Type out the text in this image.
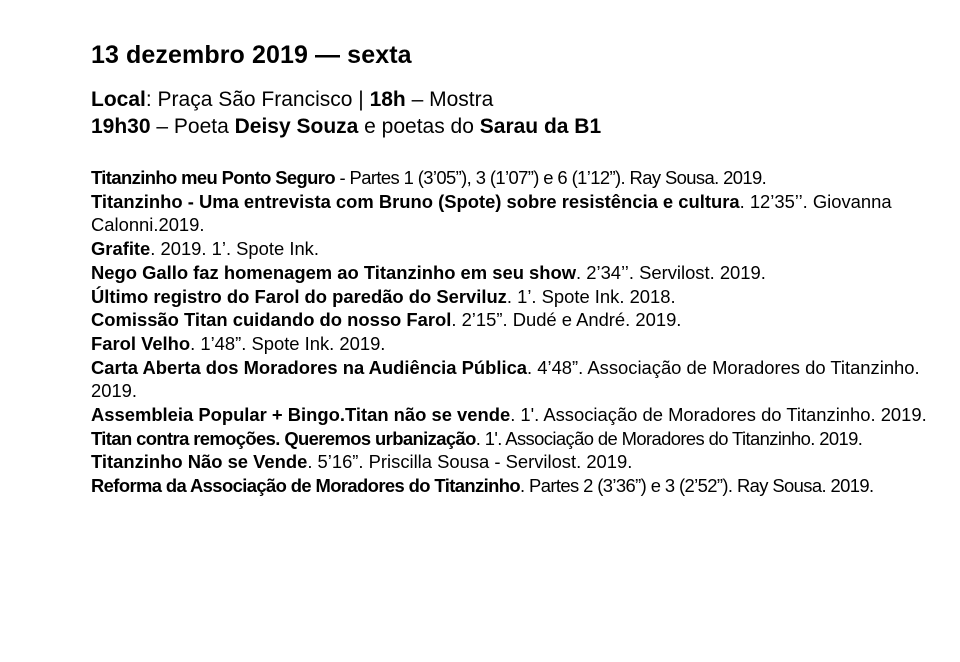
13 dezembro 2019 — sexta
Local: Praça São Francisco | 18h – Mostra
19h30 – Poeta Deisy Souza e poetas do Sarau da B1
Titanzinho meu Ponto Seguro - Partes 1 (3’05”), 3 (1’07”) e 6 (1’12”). Ray Sousa. 2019.
Titanzinho - Uma entrevista com Bruno (Spote) sobre resistência e cultura. 12’35’’. Giovanna Calonni.2019.
Grafite. 2019. 1’. Spote Ink.
Nego Gallo faz homenagem ao Titanzinho em seu show. 2’34’’. Servilost. 2019.
Último registro do Farol do paredão do Serviluz. 1’. Spote Ink. 2018.
Comissão Titan cuidando do nosso Farol. 2’15”. Dudé e André. 2019.
Farol Velho. 1’48”. Spote Ink. 2019.
Carta Aberta dos Moradores na Audiência Pública. 4’48”. Associação de Moradores do Titanzinho. 2019.
Assembleia Popular + Bingo.Titan não se vende. 1'. Associação de Moradores do Titanzinho. 2019.
Titan contra remoções. Queremos urbanização. 1'. Associação de Moradores do Titanzinho. 2019.
Titanzinho Não se Vende. 5’16”. Priscilla Sousa - Servilost. 2019.
Reforma da Associação de Moradores do Titanzinho. Partes 2 (3’36”) e 3 (2’52”). Ray Sousa. 2019.
